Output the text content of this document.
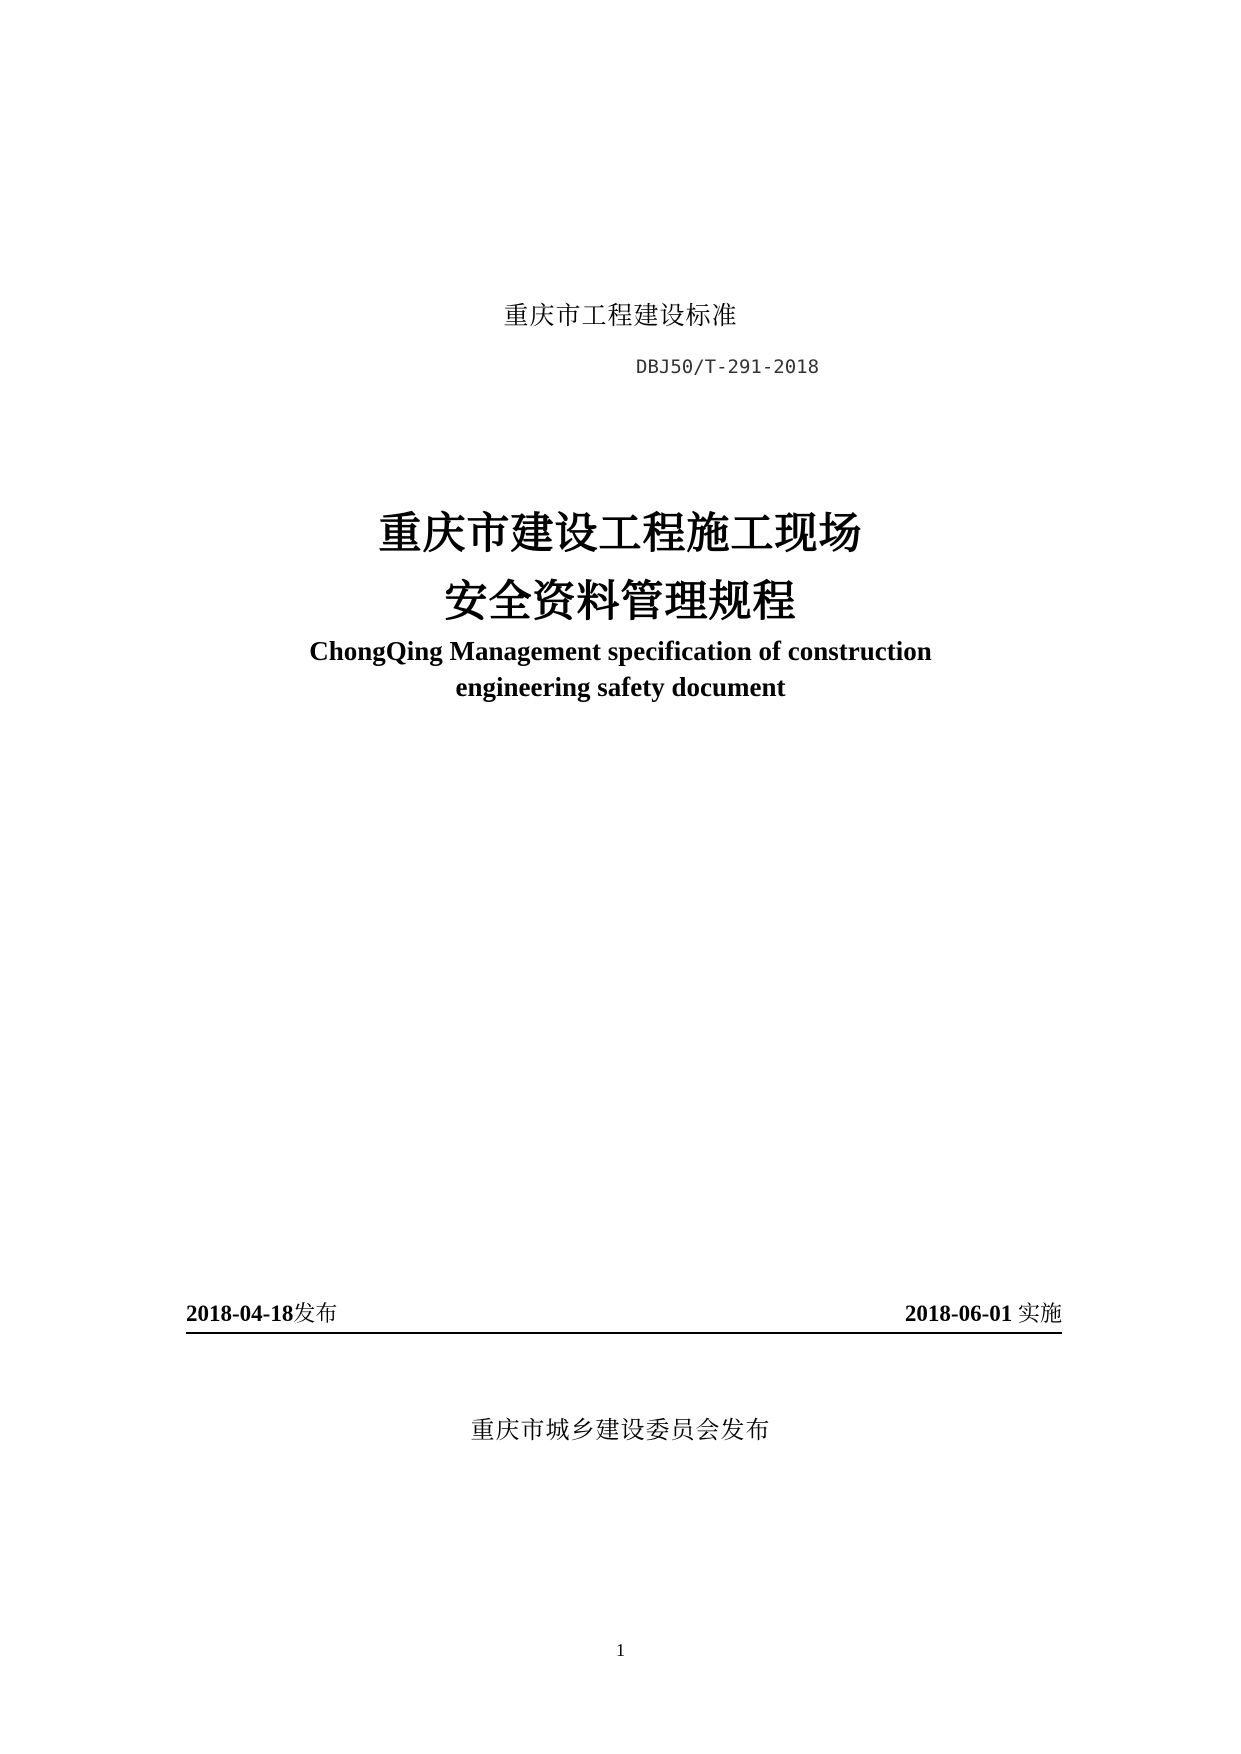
重庆市工程建设标准
DBJ50/T-291-2018
重庆市建设工程施工现场
安全资料管理规程
ChongQing Management specification of construction
engineering safety document
2018-04-18发布	2018-06-01 实施
重庆市城乡建设委员会发布
1
